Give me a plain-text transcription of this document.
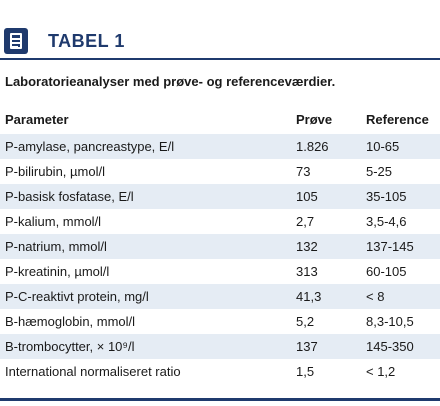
TABEL 1
Laboratorieanalyser med prøve- og referenceværdier.
Parameter	Prøve	Reference
P-amylase, pancreastype, E/l	1.826	10-65
P-bilirubin, µmol/l	73	5-25
P-basisk fosfatase, E/l	105	35-105
P-kalium, mmol/l	2,7	3,5-4,6
P-natrium, mmol/l	132	137-145
P-kreatinin, µmol/l	313	60-105
P-C-reaktivt protein, mg/l	41,3	< 8
B-hæmoglobin, mmol/l	5,2	8,3-10,5
B-trombocytter, × 10⁹/l	137	145-350
International normaliseret ratio	1,5	< 1,2
